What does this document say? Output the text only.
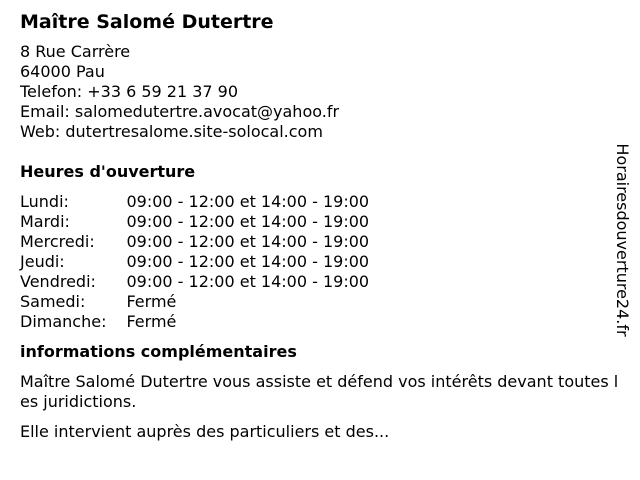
Maître Salomé Dutertre
8 Rue Carrère
64000 Pau
Telefon: +33 6 59 21 37 90
Email: salomedutertre.avocat@yahoo.fr
Web: dutertresalome.site-solocal.com
Heures d'ouverture
Lundi:	09:00 - 12:00 et 14:00 - 19:00
Mardi:	09:00 - 12:00 et 14:00 - 19:00
Mercredi:	09:00 - 12:00 et 14:00 - 19:00
Jeudi:	09:00 - 12:00 et 14:00 - 19:00
Vendredi:	09:00 - 12:00 et 14:00 - 19:00
Samedi:	Fermé
Dimanche:	Fermé
informations complémentaires

Maître Salomé Dutertre vous assiste et défend vos intérêts devant toutes les juridictions.

Elle intervient auprès des particuliers et des...

Horairesdouverture24.fr
